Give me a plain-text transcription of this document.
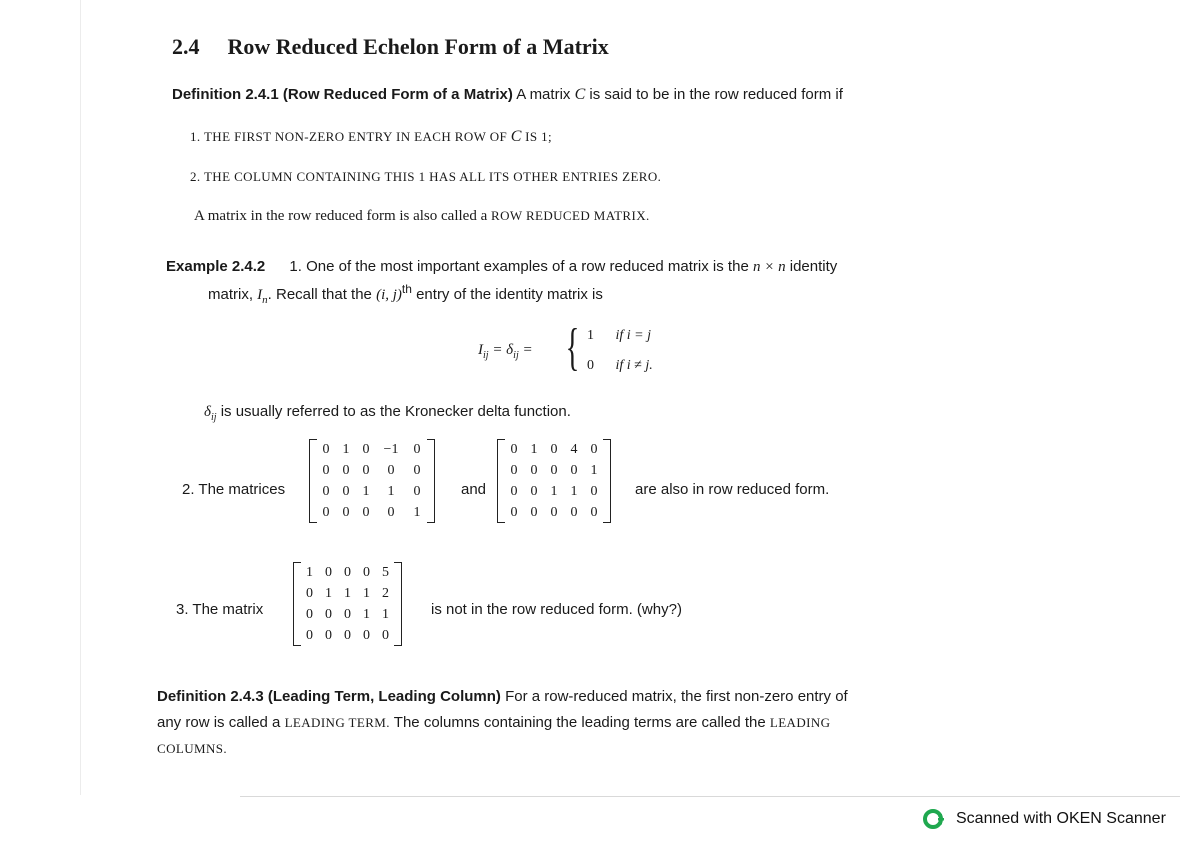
2.4 Row Reduced Echelon Form of a Matrix
Definition 2.4.1 (Row Reduced Form of a Matrix) A matrix C is said to be in the row reduced form if
1. THE FIRST NON-ZERO ENTRY IN EACH ROW OF C IS 1;
2. THE COLUMN CONTAINING THIS 1 HAS ALL ITS OTHER ENTRIES ZERO.
A matrix in the row reduced form is also called a ROW REDUCED MATRIX.
Example 2.4.2 1. One of the most important examples of a row reduced matrix is the n × n identity
matrix, $I_n$. Recall that the (i, j)$^{th}$ entry of the identity matrix is
$I_{ij} = \delta_{ij}$ = { 1 if i = j
0 if i ≠ j.
$\delta_{ij}$ is usually referred to as the Kronecker delta function.
2. The matrices
0 1 0	−1	0
0 0 0	0	0
0 0 1	1	0
0 0 0	0	1
and
0 1 0 4 0
0 0 0 0 1
0 0 1 1 0
0 0 0 0 0
are also in row reduced form.
3. The matrix
1 0 0 0 5
0 1 1 1 2
0 0 0 1 1
0 0 0 0 0
is not in the row reduced form. (why?)
Definition 2.4.3 (Leading Term, Leading Column) For a row-reduced matrix, the first non-zero entry of
any row is called a LEADING TERM. The columns containing the leading terms are called the LEADING
COLUMNS.
Scanned with OKEN Scanner
